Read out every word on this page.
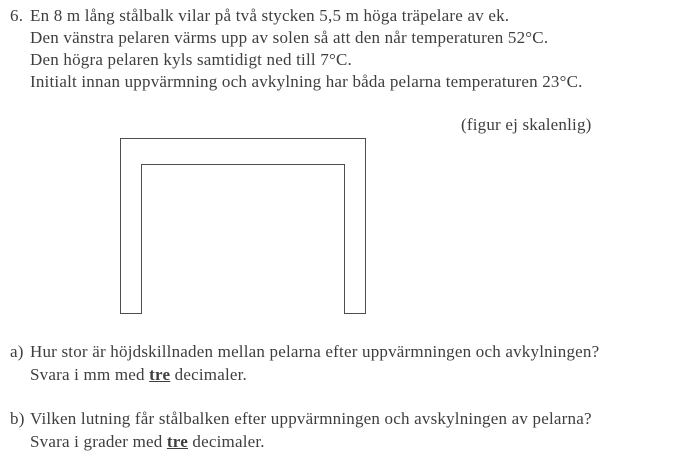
6. En 8 m lång stålbalk vilar på två stycken 5,5 m höga träpelare av ek.
Den vänstra pelaren värms upp av solen så att den når temperaturen 52°C.
Den högra pelaren kyls samtidigt ned till 7°C.
Initialt innan uppvärmning och avkylning har båda pelarna temperaturen 23°C.
(figur ej skalenlig)
a) Hur stor är höjdskillnaden mellan pelarna efter uppvärmningen och avkylningen?
Svara i mm med tre decimaler.
b) Vilken lutning får stålbalken efter uppvärmningen och avskylningen av pelarna?
Svara i grader med tre decimaler.
